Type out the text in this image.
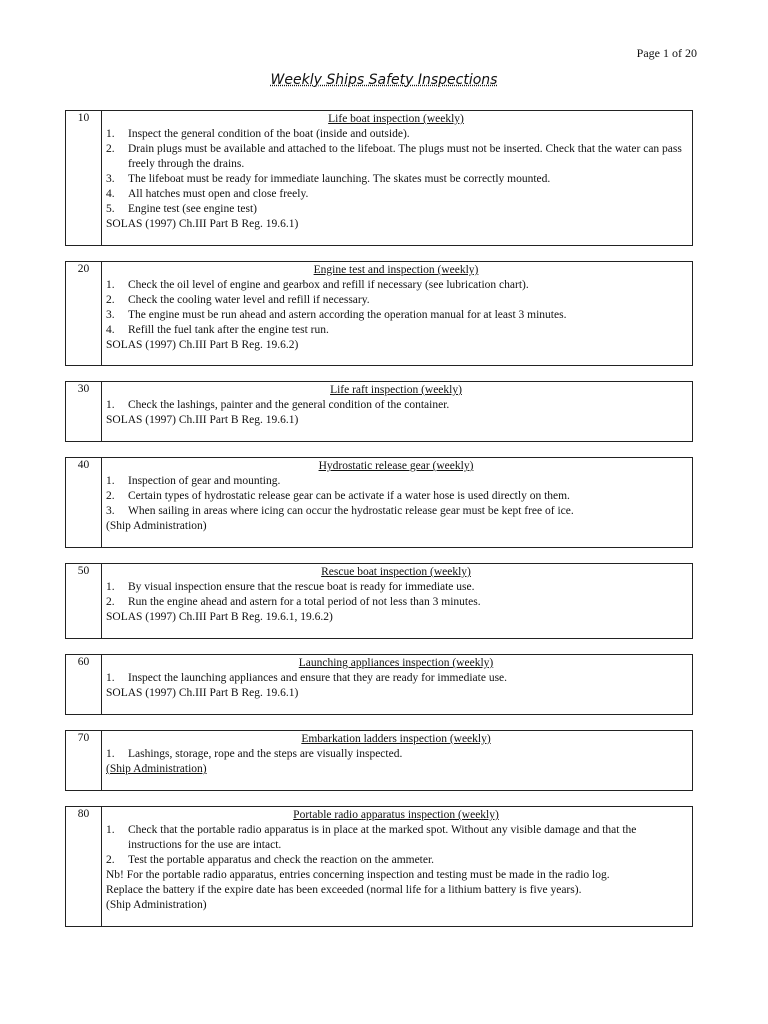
Page 1 of 20
Weekly Ships Safety Inspections
10	Life boat inspection (weekly)
1.	Inspect the general condition of the boat (inside and outside).
2.	Drain plugs must be available and attached to the lifeboat. The plugs must not be inserted. Check that the water can pass freely through the drains.
3.	The lifeboat must be ready for immediate launching. The skates must be correctly mounted.
4.	All hatches must open and close freely.
5.	Engine test (see engine test)
SOLAS (1997) Ch.III Part B Reg. 19.6.1)
20	Engine test and inspection (weekly)
1.	Check the oil level of engine and gearbox and refill if necessary (see lubrication chart).
2.	Check the cooling water level and refill if necessary.
3.	The engine must be run ahead and astern according the operation manual for at least 3 minutes.
4.	Refill the fuel tank after the engine test run.
SOLAS (1997) Ch.III Part B Reg. 19.6.2)
30	Life raft inspection (weekly)
1.	Check the lashings, painter and the general condition of the container.
SOLAS (1997) Ch.III Part B Reg. 19.6.1)
40	Hydrostatic release gear (weekly)
1.	Inspection of gear and mounting.
2.	Certain types of hydrostatic release gear can be activate if a water hose is used directly on them.
3.	When sailing in areas where icing can occur the hydrostatic release gear must be kept free of ice.
(Ship Administration)
50	Rescue boat inspection (weekly)
1.	By visual inspection ensure that the rescue boat is ready for immediate use.
2.	Run the engine ahead and astern for a total period of not less than 3 minutes.
SOLAS (1997) Ch.III Part B Reg. 19.6.1, 19.6.2)
60	Launching appliances inspection (weekly)
1.	Inspect the launching appliances and ensure that they are ready for immediate use.
SOLAS (1997) Ch.III Part B Reg. 19.6.1)
70	Embarkation ladders inspection (weekly)
1.	Lashings, storage, rope and the steps are visually inspected.
(Ship Administration)
80	Portable radio apparatus inspection (weekly)
1.	Check that the portable radio apparatus is in place at the marked spot. Without any visible damage and that the instructions for the use are intact.
2.	Test the portable apparatus and check the reaction on the ammeter.
Nb! For the portable radio apparatus, entries concerning inspection and testing must be made in the radio log.
Replace the battery if the expire date has been exceeded (normal life for a lithium battery is five years).
(Ship Administration)
